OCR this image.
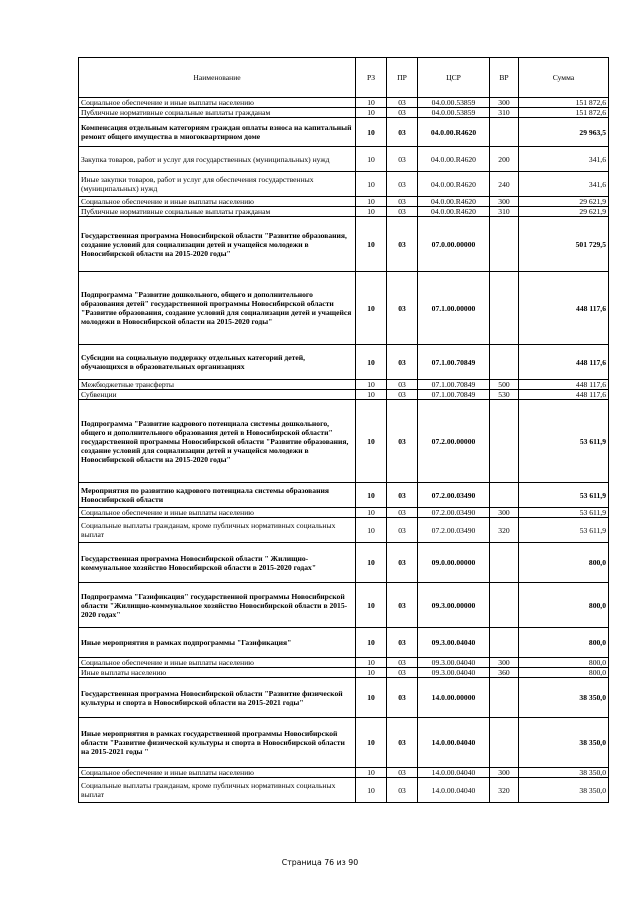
Наименование	РЗ	ПР	ЦСР	ВР	Сумма
Социальное обеспечение и иные выплаты населению	10	03	04.0.00.53859	300	151 872,6
Публичные нормативные социальные выплаты гражданам	10	03	04.0.00.53859	310	151 872,6
Компенсация отдельным категориям граждан оплаты взноса на капитальный ремонт общего имущества в многоквартирном доме	10	03	04.0.00.R4620		29 963,5
Закупка товаров, работ и услуг для государственных (муниципальных) нужд	10	03	04.0.00.R4620	200	341,6
Иные закупки товаров, работ и услуг для обеспечения государственных (муниципальных) нужд	10	03	04.0.00.R4620	240	341,6
Социальное обеспечение и иные выплаты населению	10	03	04.0.00.R4620	300	29 621,9
Публичные нормативные социальные выплаты гражданам	10	03	04.0.00.R4620	310	29 621,9
Государственная программа Новосибирской области "Развитие образования, создание условий для социализации детей и учащейся молодежи в Новосибирской области на 2015-2020 годы"	10	03	07.0.00.00000		501 729,5
Подпрограмма "Развитие дошкольного, общего и дополнительного образования детей" государственной программы Новосибирской области "Развитие образования, создание условий для социализации детей и учащейся молодежи в Новосибирской области на 2015-2020 годы"	10	03	07.1.00.00000		448 117,6
Субсидии на социальную поддержку отдельных категорий детей, обучающихся в образовательных организациях	10	03	07.1.00.70849		448 117,6
Межбюджетные трансферты	10	03	07.1.00.70849	500	448 117,6
Субвенции	10	03	07.1.00.70849	530	448 117,6
Подпрограмма "Развитие кадрового потенциала системы дошкольного, общего и дополнительного образования детей в Новосибирской области" государственной программы Новосибирской области "Развитие образования, создание условий для социализации детей и учащейся молодежи в Новосибирской области на 2015-2020 годы"	10	03	07.2.00.00000		53 611,9
Мероприятия по развитию кадрового потенциала системы образования Новосибирской области	10	03	07.2.00.03490		53 611,9
Социальное обеспечение и иные выплаты населению	10	03	07.2.00.03490	300	53 611,9
Социальные выплаты гражданам, кроме публичных нормативных социальных выплат	10	03	07.2.00.03490	320	53 611,9
Государственная программа Новосибирской области " Жилищно-коммунальное хозяйство Новосибирской области в 2015-2020 годах"	10	03	09.0.00.00000		800,0
Подпрограмма "Газификация" государственной программы Новосибирской области "Жилищно-коммунальное хозяйство Новосибирской области в 2015-2020 годах"	10	03	09.3.00.00000		800,0
Иные мероприятия в рамках подпрограммы "Газификация"	10	03	09.3.00.04040		800,0
Социальное обеспечение и иные выплаты населению	10	03	09.3.00.04040	300	800,0
Иные выплаты населению	10	03	09.3.00.04040	360	800,0
Государственная программа Новосибирской области "Развитие физической культуры и спорта в Новосибирской области на 2015-2021 годы"	10	03	14.0.00.00000		38 350,0
Иные мероприятия в рамках государственной программы Новосибирской области "Развитие физической культуры и спорта в Новосибирской области на 2015-2021 годы "	10	03	14.0.00.04040		38 350,0
Социальное обеспечение и иные выплаты населению	10	03	14.0.00.04040	300	38 350,0
Социальные выплаты гражданам, кроме публичных нормативных социальных выплат	10	03	14.0.00.04040	320	38 350,0
Страница 76 из 90
